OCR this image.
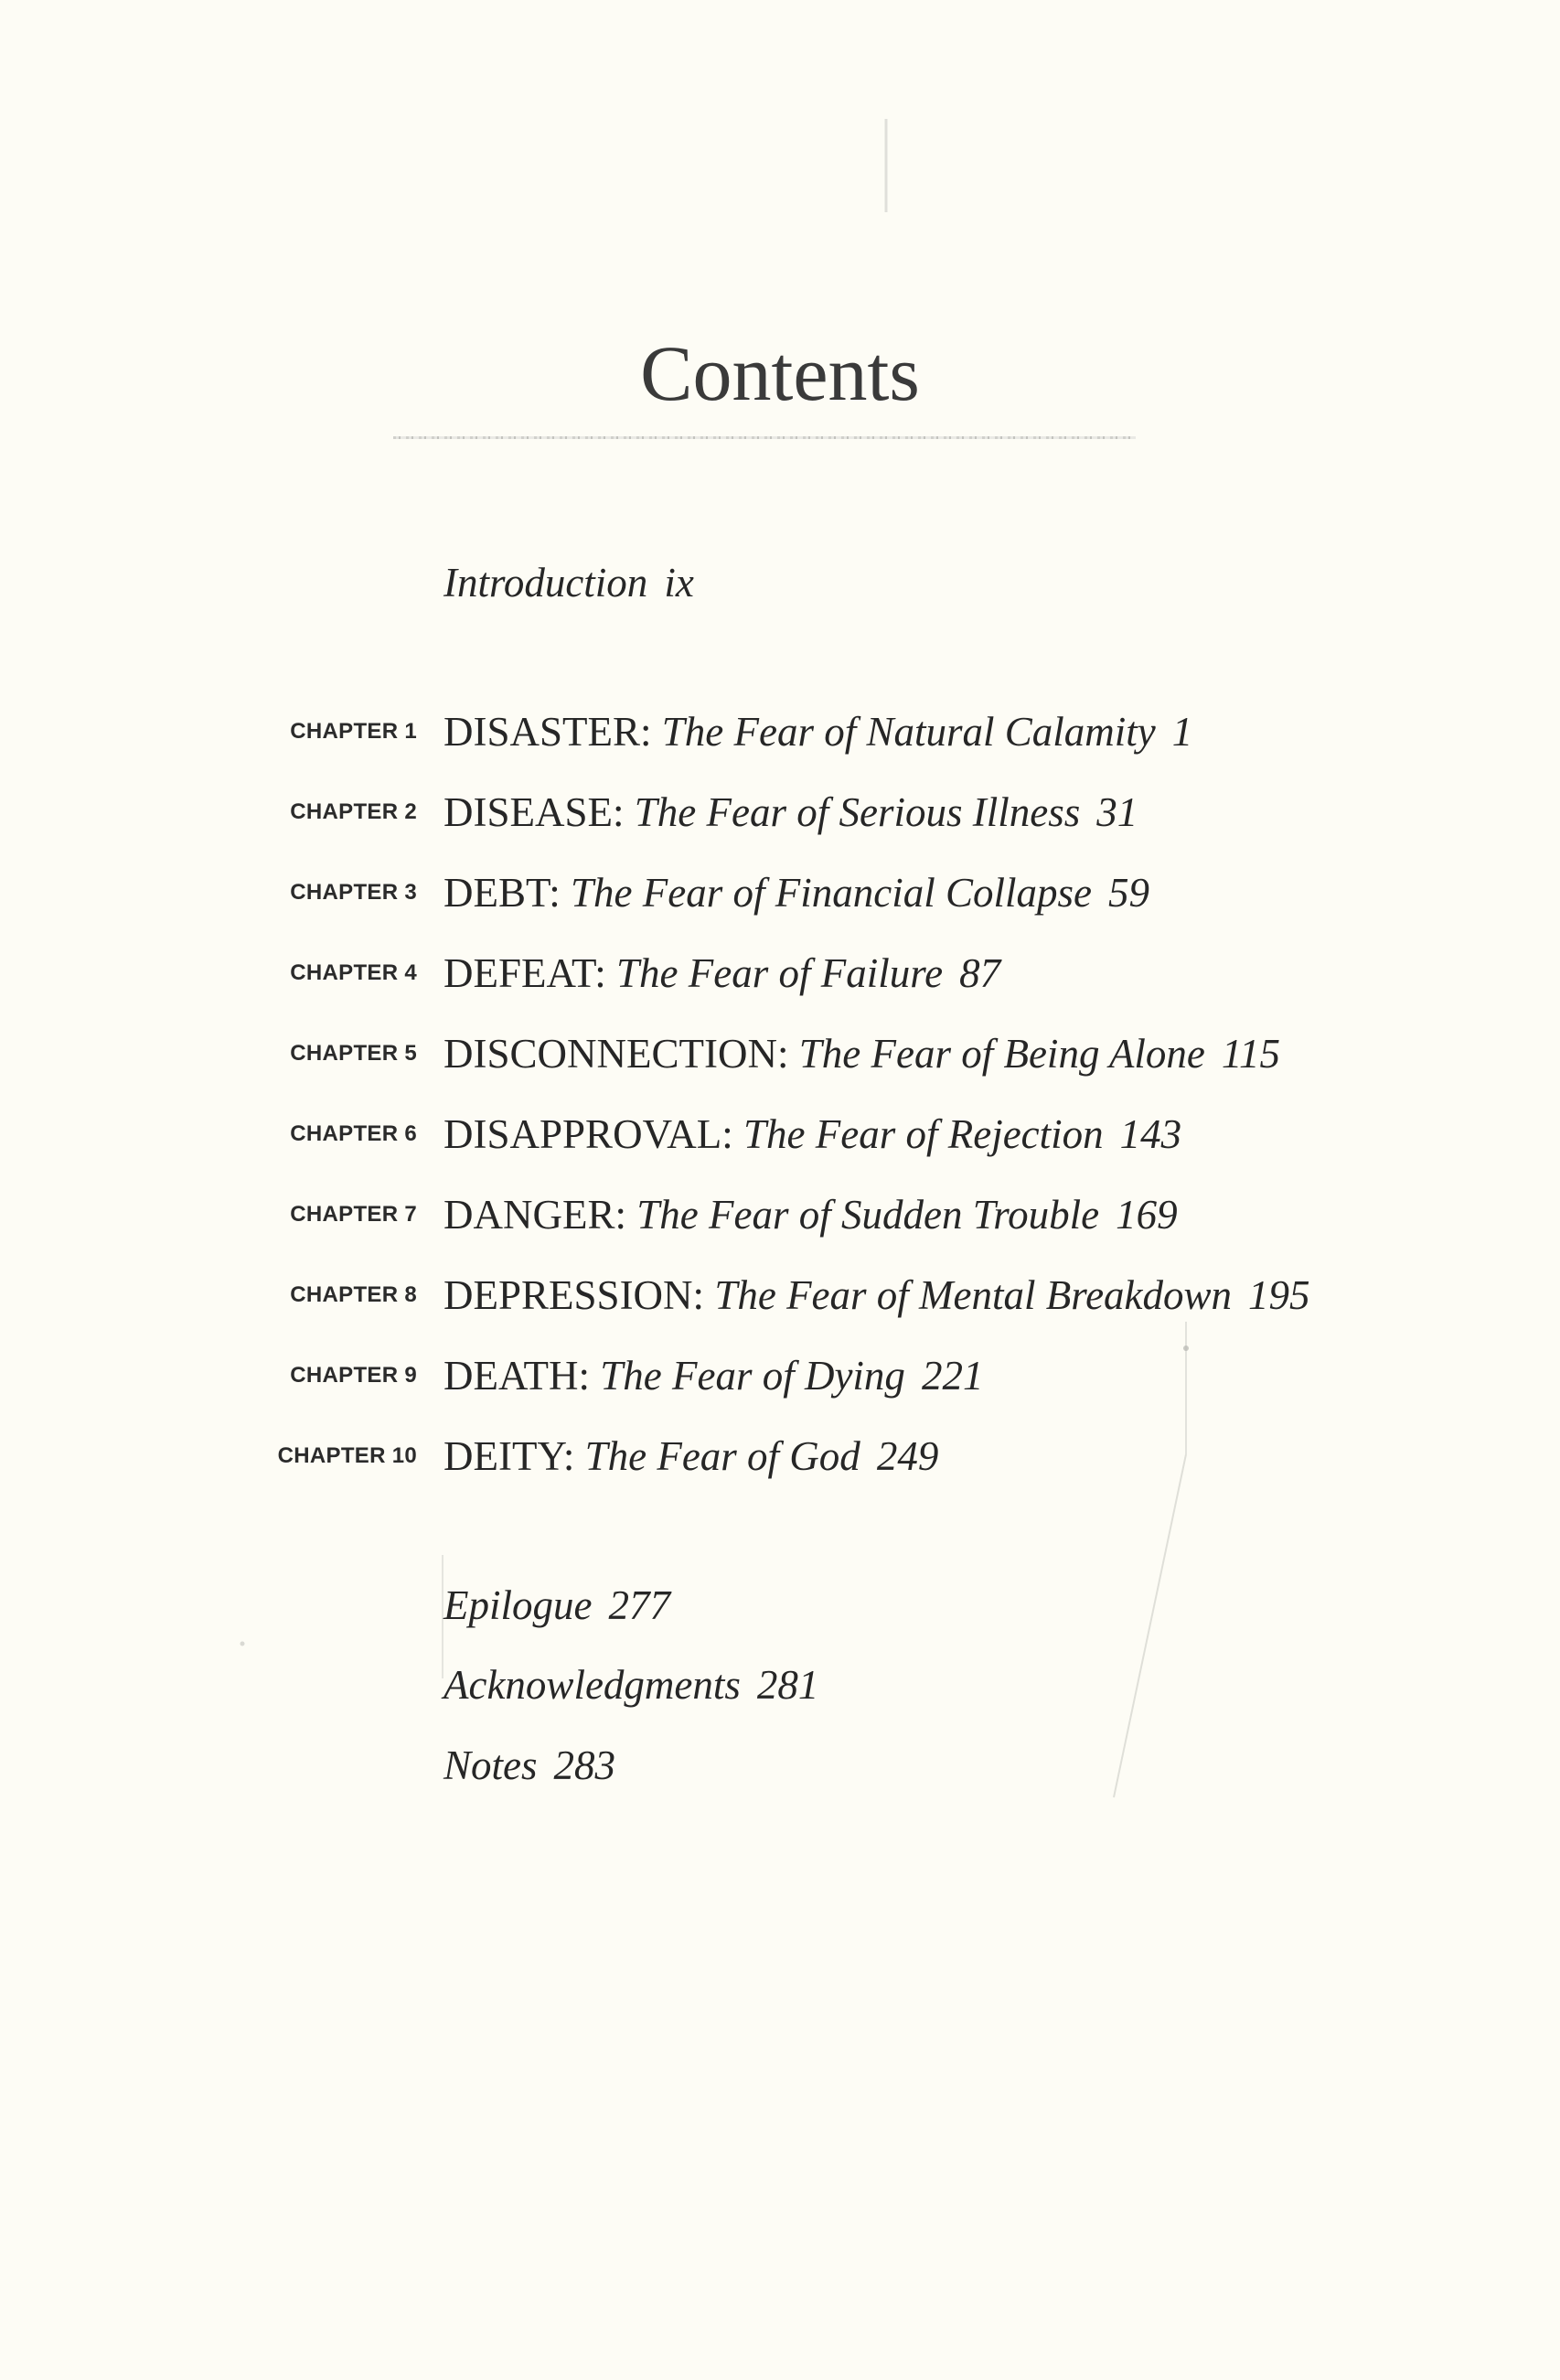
Contents
Introduction ix
CHAPTER 1 DISASTER: The Fear of Natural Calamity 1
CHAPTER 2 DISEASE: The Fear of Serious Illness 31
CHAPTER 3 DEBT: The Fear of Financial Collapse 59
CHAPTER 4 DEFEAT: The Fear of Failure 87
CHAPTER 5 DISCONNECTION: The Fear of Being Alone 115
CHAPTER 6 DISAPPROVAL: The Fear of Rejection 143
CHAPTER 7 DANGER: The Fear of Sudden Trouble 169
CHAPTER 8 DEPRESSION: The Fear of Mental Breakdown 195
CHAPTER 9 DEATH: The Fear of Dying 221
CHAPTER 10 DEITY: The Fear of God 249
Epilogue 277
Acknowledgments 281
Notes 283
